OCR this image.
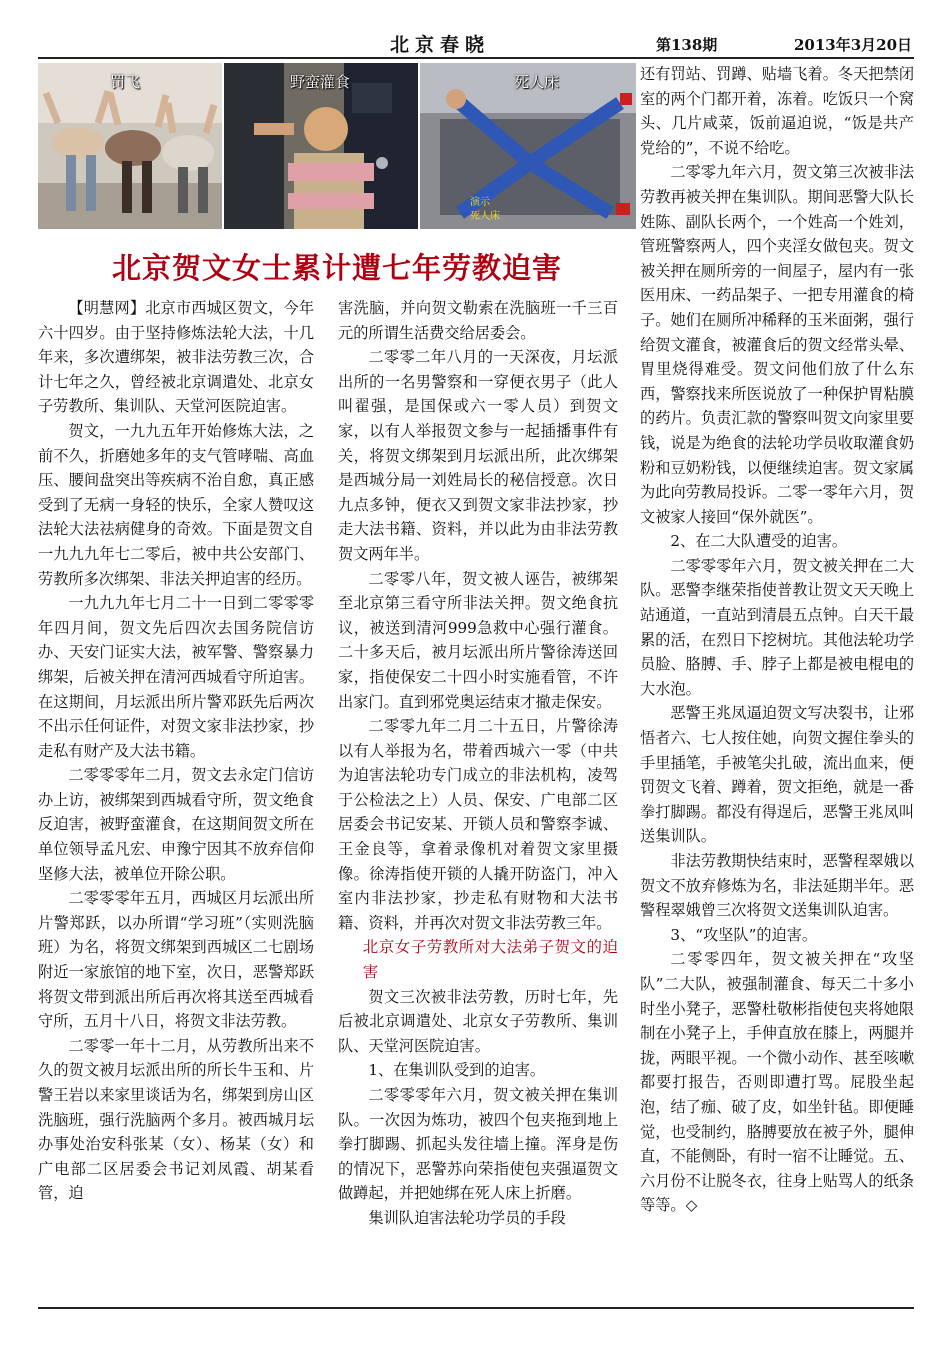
北京春晓	第138期	2013年3月20日
罚飞	野蛮灌食	死人床
演示
死人床
北京贺文女士累计遭七年劳教迫害

【明慧网】北京市西城区贺文，今年六十四岁。由于坚持修炼法轮大法，十几年来，多次遭绑架，被非法劳教三次，合计七年之久，曾经被北京调遣处、北京女子劳教所、集训队、天堂河医院迫害。

贺文，一九九五年开始修炼大法，之前不久，折磨她多年的支气管哮喘、高血压、腰间盘突出等疾病不治自愈，真正感受到了无病一身轻的快乐，全家人赞叹这法轮大法祛病健身的奇效。下面是贺文自一九九九年七二零后，被中共公安部门、劳教所多次绑架、非法关押迫害的经历。

一九九九年七月二十一日到二零零零年四月间，贺文先后四次去国务院信访办、天安门证实大法，被军警、警察暴力绑架，后被关押在清河西城看守所迫害。在这期间，月坛派出所片警邓跃先后两次不出示任何证件，对贺文家非法抄家，抄走私有财产及大法书籍。

二零零零年二月，贺文去永定门信访办上访，被绑架到西城看守所，贺文绝食反迫害，被野蛮灌食，在这期间贺文所在单位领导孟凡宏、申豫宁因其不放弃信仰坚修大法，被单位开除公职。

二零零零年五月，西城区月坛派出所片警郑跃，以办所谓“学习班”（实则洗脑班）为名，将贺文绑架到西城区二七剧场附近一家旅馆的地下室，次日，恶警郑跃将贺文带到派出所后再次将其送至西城看守所，五月十八日，将贺文非法劳教。

二零零一年十二月，从劳教所出来不久的贺文被月坛派出所的所长牛玉和、片警王岩以来家里谈话为名，绑架到房山区洗脑班，强行洗脑两个多月。被西城月坛办事处治安科张某（女）、杨某（女）和广电部二区居委会书记刘凤霞、胡某看管，迫

害洗脑，并向贺文勒索在洗脑班一千三百元的所谓生活费交给居委会。

二零零二年八月的一天深夜，月坛派出所的一名男警察和一穿便衣男子（此人叫翟强，是国保或六一零人员）到贺文家，以有人举报贺文参与一起插播事件有关，将贺文绑架到月坛派出所，此次绑架是西城分局一刘姓局长的秘信授意。次日九点多钟，便衣又到贺文家非法抄家，抄走大法书籍、资料，并以此为由非法劳教贺文两年半。

二零零八年，贺文被人诬告，被绑架至北京第三看守所非法关押。贺文绝食抗议，被送到清河999急救中心强行灌食。二十多天后，被月坛派出所片警徐涛送回家，指使保安二十四小时实施看管，不许出家门。直到邪党奥运结束才撤走保安。

二零零九年二月二十五日，片警徐涛以有人举报为名，带着西城六一零（中共为迫害法轮功专门成立的非法机构，凌驾于公检法之上）人员、保安、广电部二区居委会书记安某、开锁人员和警察李诚、王金良等，拿着录像机对着贺文家里摄像。徐涛指使开锁的人撬开防盗门，冲入室内非法抄家，抄走私有财物和大法书籍、资料，并再次对贺文非法劳教三年。

北京女子劳教所对大法弟子贺文的迫害

贺文三次被非法劳教，历时七年，先后被北京调遣处、北京女子劳教所、集训队、天堂河医院迫害。

1、在集训队受到的迫害。

二零零零年六月，贺文被关押在集训队。一次因为炼功，被四个包夹拖到地上拳打脚踢、抓起头发往墙上撞。浑身是伤的情况下，恶警苏向荣指使包夹强逼贺文做蹲起，并把她绑在死人床上折磨。

集训队迫害法轮功学员的手段

还有罚站、罚蹲、贴墙飞着。冬天把禁闭室的两个门都开着，冻着。吃饭只一个窝头、几片咸菜，饭前逼迫说，“饭是共产党给的”，不说不给吃。

二零零九年六月，贺文第三次被非法劳教再被关押在集训队。期间恶警大队长姓陈、副队长两个，一个姓高一个姓刘，管班警察两人，四个夹淫女做包夹。贺文被关押在厕所旁的一间屋子，屋内有一张医用床、一药品架子、一把专用灌食的椅子。她们在厕所冲稀释的玉米面粥，强行给贺文灌食，被灌食后的贺文经常头晕、胃里烧得难受。贺文问他们放了什么东西，警察找来所医说放了一种保护胃粘膜的药片。负责汇款的警察叫贺文向家里要钱，说是为绝食的法轮功学员收取灌食奶粉和豆奶粉钱，以便继续迫害。贺文家属为此向劳教局投诉。二零一零年六月，贺文被家人接回“保外就医”。

2、在二大队遭受的迫害。

二零零零年六月，贺文被关押在二大队。恶警李继荣指使普教让贺文天天晚上站通道，一直站到清晨五点钟。白天干最累的活，在烈日下挖树坑。其他法轮功学员脸、胳膊、手、脖子上都是被电棍电的大水泡。

恶警王兆凤逼迫贺文写决裂书，让邪悟者六、七人按住她，向贺文握住拳头的手里插笔，手被笔尖扎破，流出血来，便罚贺文飞着、蹲着，贺文拒绝，就是一番拳打脚踢。都没有得逞后，恶警王兆凤叫送集训队。

非法劳教期快结束时，恶警程翠娥以贺文不放弃修炼为名，非法延期半年。恶警程翠娥曾三次将贺文送集训队迫害。

3、“攻坚队”的迫害。

二零零四年，贺文被关押在“攻坚队”二大队，被强制灌食、每天二十多小时坐小凳子，恶警杜敬彬指使包夹将她限制在小凳子上，手伸直放在膝上，两腿并拢，两眼平视。一个微小动作、甚至咳嗽都要打报告，否则即遭打骂。屁股坐起泡，结了痂、破了皮，如坐针毡。即便睡觉，也受制约，胳膊要放在被子外，腿伸直，不能侧卧，有时一宿不让睡觉。五、六月份不让脱冬衣，往身上贴骂人的纸条等等。◇
